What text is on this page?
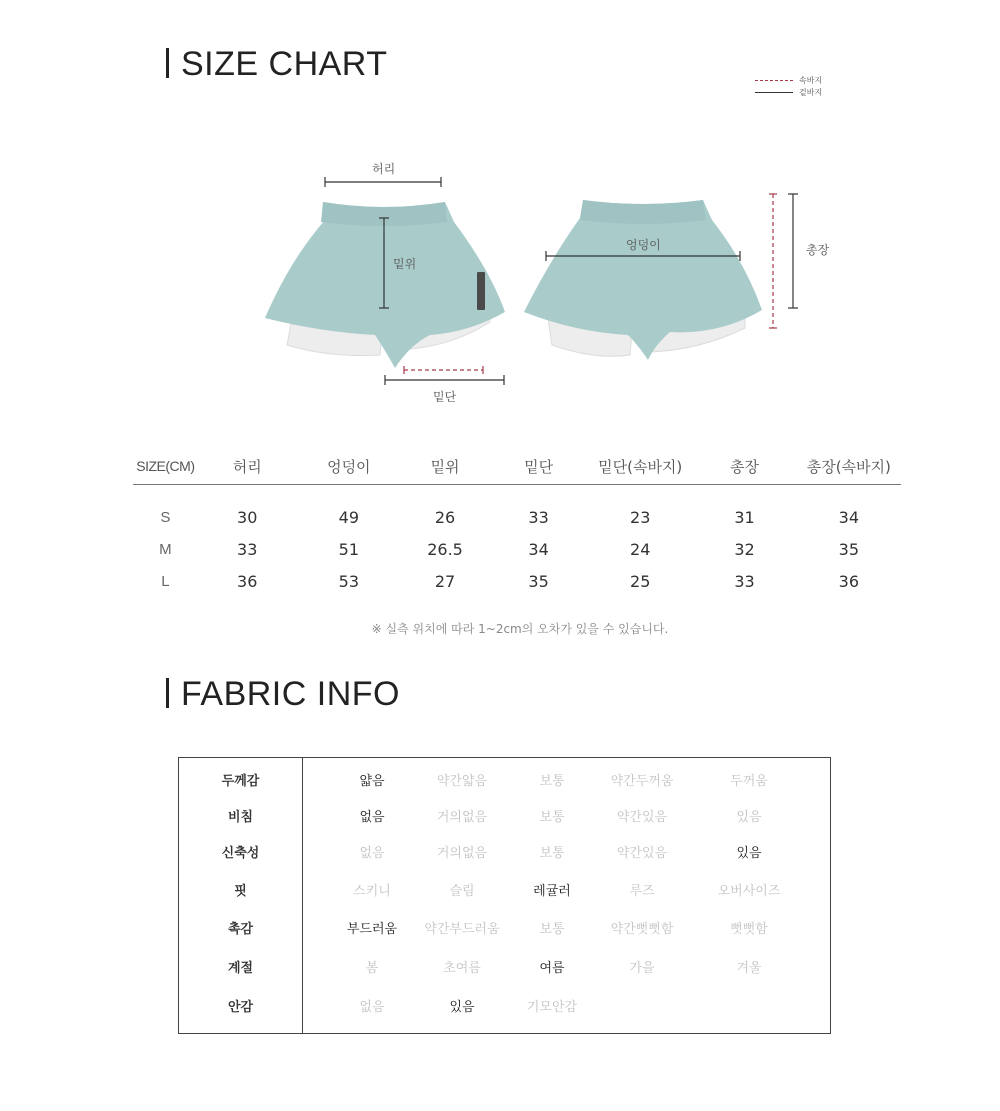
SIZE CHART	속바지
겉바지
허리
밑위
엉덩이	총장
밑단
SIZE(CM)	허리	엉덩이	밑위	밑단	밑단(속바지)	총장	총장(속바지)

S	30	49	26	33	23	31	34
M	33	51	26.5	34	24	32	35
L	36	53	27	35	25	33	36
※ 실측 위치에 따라 1~2cm의 오차가 있을 수 있습니다.
FABRIC INFO
두께감	얇음	약간얇음	보통	약간두꺼움	두꺼움
비침	없음	거의없음	보통	약간있음	있음
신축성	없음	거의없음	보통	약간있음	있음
핏	스키니	슬림	레귤러	루즈	오버사이즈
촉감	부드러움	약간부드러움	보통	약간뻣뻣함	뻣뻣함
계절	봄	초여름	여름	가을	겨울
안감	없음	있음	기모안감
